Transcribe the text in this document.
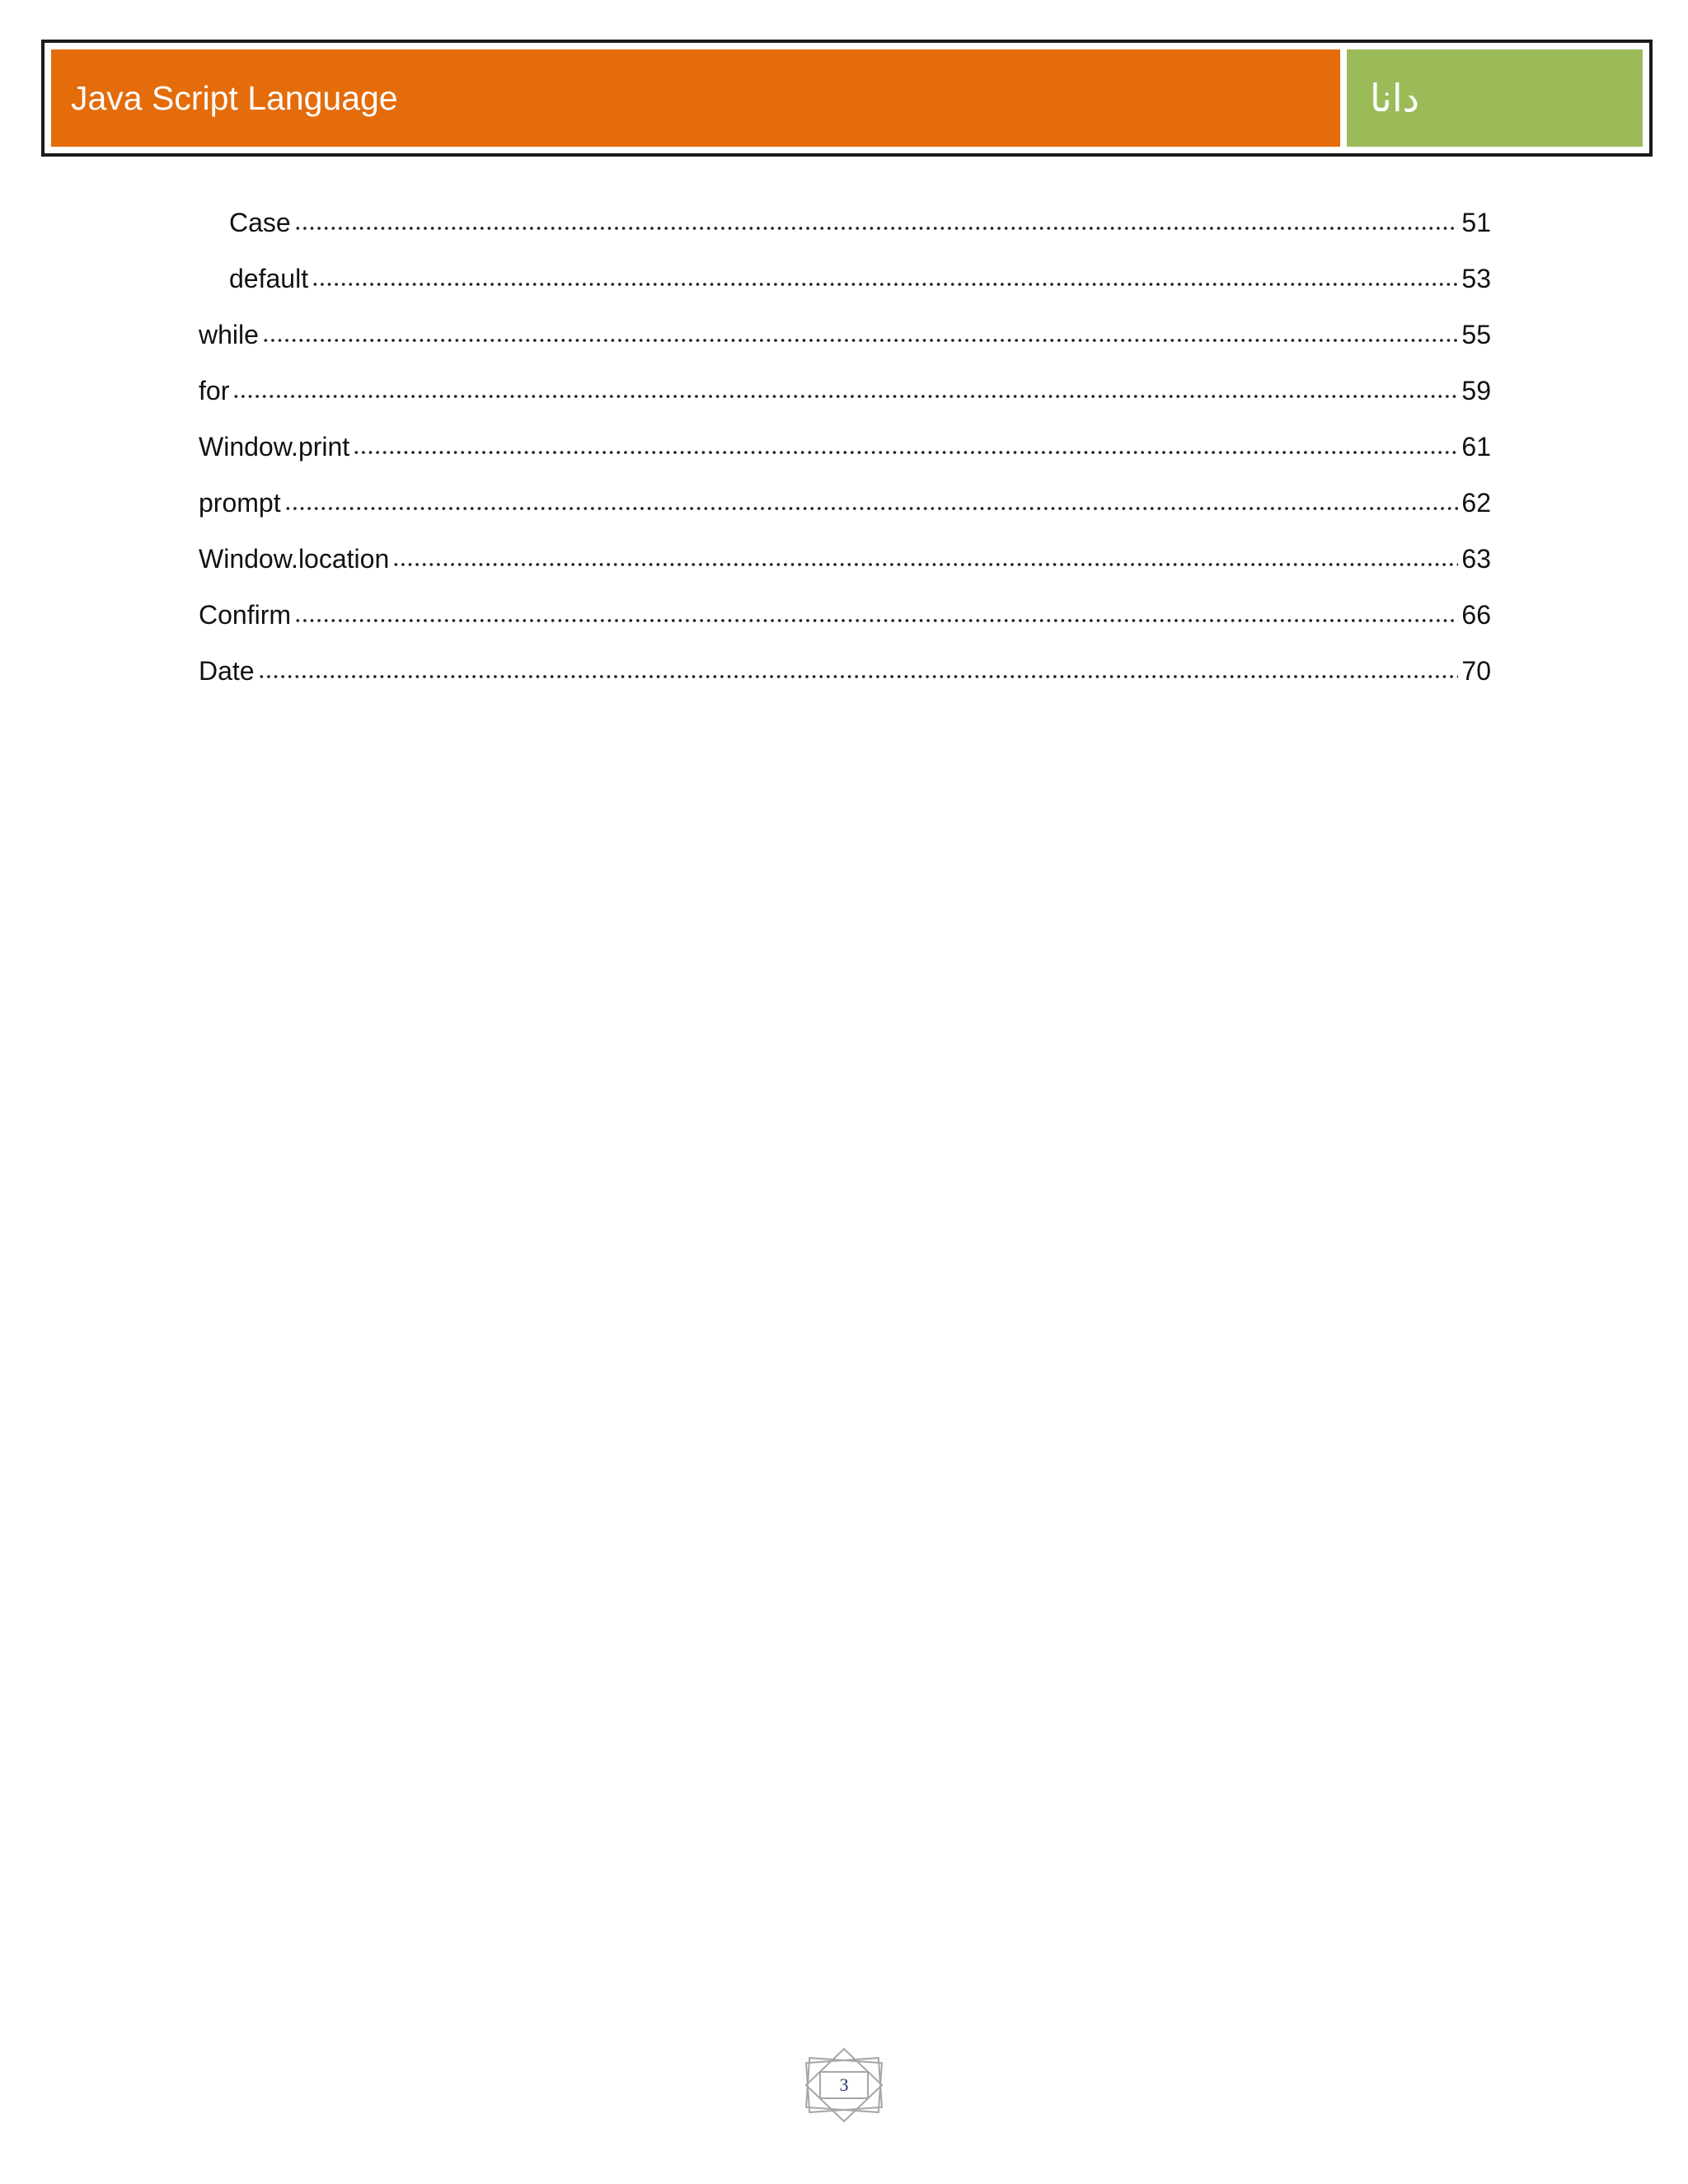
Java Script Language	دانا
Case	51
default	53
while	55
for	59
Window.print	61
prompt	62
Window.location	63
Confirm	66
Date	70
3
